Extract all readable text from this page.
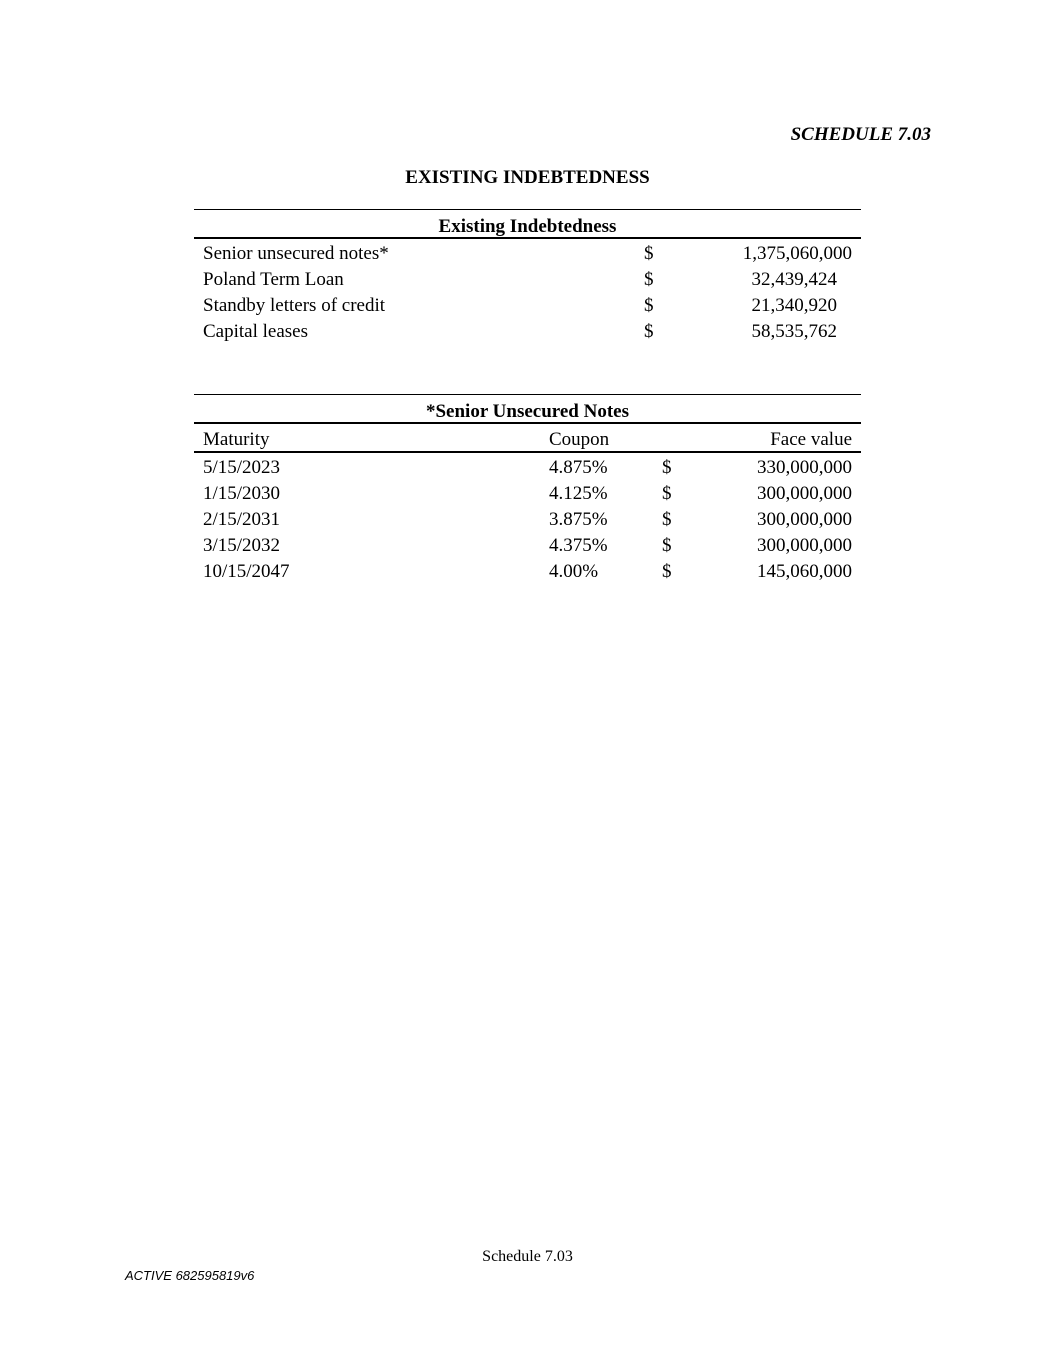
SCHEDULE 7.03
EXISTING INDEBTEDNESS
Existing Indebtedness
Senior unsecured notes*	$	1,375,060,000
Poland Term Loan	$	32,439,424
Standby letters of credit	$	21,340,920
Capital leases	$	58,535,762
*Senior Unsecured Notes
Maturity	Coupon	Face value
5/15/2023	4.875%	$	330,000,000
1/15/2030	4.125%	$	300,000,000
2/15/2031	3.875%	$	300,000,000
3/15/2032	4.375%	$	300,000,000
10/15/2047	4.00%	$	145,060,000
Schedule 7.03
ACTIVE 682595819v6
